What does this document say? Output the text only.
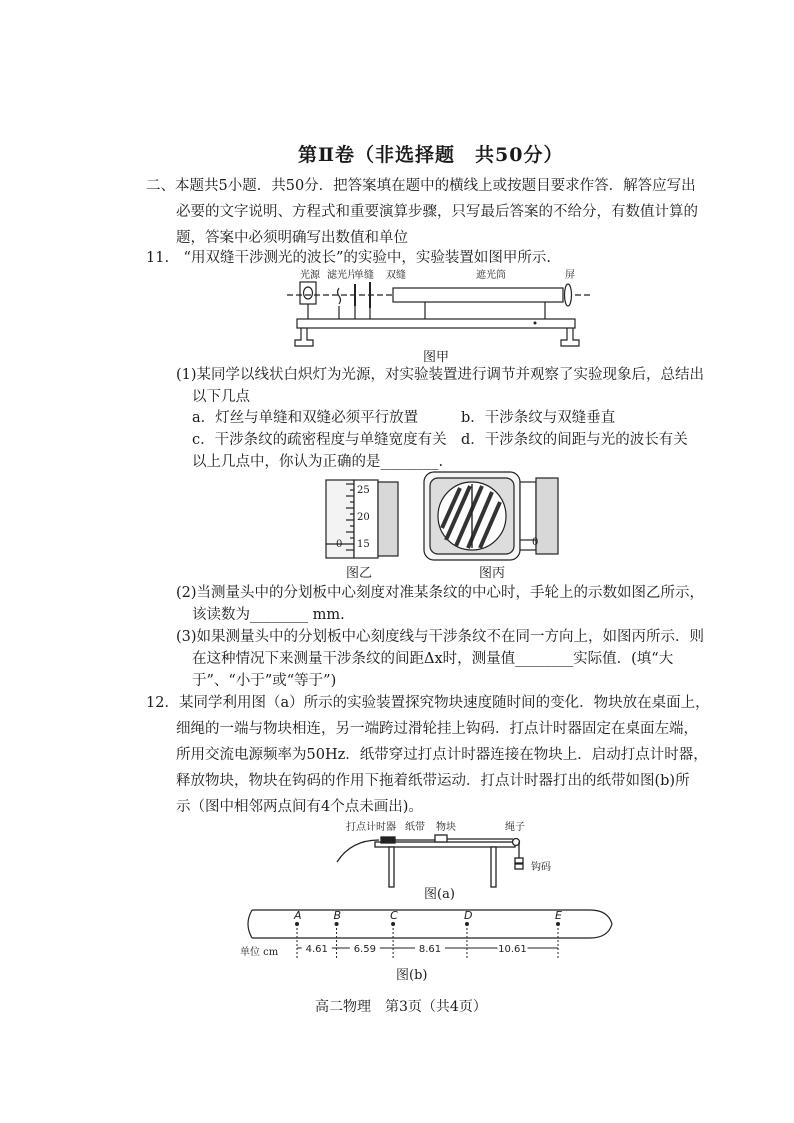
第Ⅱ卷（非选择题　共50分）
二、本题共5小题．共50分．把答案填在题中的横线上或按题目要求作答．解答应写出
必要的文字说明、方程式和重要演算步骤，只写最后答案的不给分，有数值计算的
题，答案中必须明确写出数值和单位
11.　“用双缝干涉测光的波长”的实验中，实验装置如图甲所示.
光源 滤光片
单缝 双缝	遮光筒	屏
图甲
(1)某同学以线状白炽灯为光源，对实验装置进行调节并观察了实验现象后，总结出
以下几点
a．灯丝与单缝和双缝必须平行放置	b．干涉条纹与双缝垂直
c．干涉条纹的疏密程度与单缝宽度有关 d．干涉条纹的间距与光的波长有关
以上几点中，你认为正确的是________.
25
20
15
0	0
图乙	图丙
(2)当测量头中的分划板中心刻度对准某条纹的中心时，手轮上的示数如图乙所示，
该读数为________ mm.
(3)如果测量头中的分划板中心刻度线与干涉条纹不在同一方向上，如图丙所示．则
在这种情况下来测量干涉条纹的间距Δx时，测量值________实际值．(填“大
于”、“小于”或“等于”)
12．某同学利用图（a）所示的实验装置探究物块速度随时间的变化．物块放在桌面上，
细绳的一端与物块相连，另一端跨过滑轮挂上钩码．打点计时器固定在桌面左端，
所用交流电源频率为50Hz．纸带穿过打点计时器连接在物块上．启动打点计时器，
释放物块，物块在钩码的作用下拖着纸带运动．打点计时器打出的纸带如图(b)所
示（图中相邻两点间有4个点未画出)。
打点计时器 纸带 物块	绳子
钩码
图(a)
A	B	C	D	E
4.61	6.59	8.61	10.61
单位 cm
图(b)
高二物理　第3页（共4页）
